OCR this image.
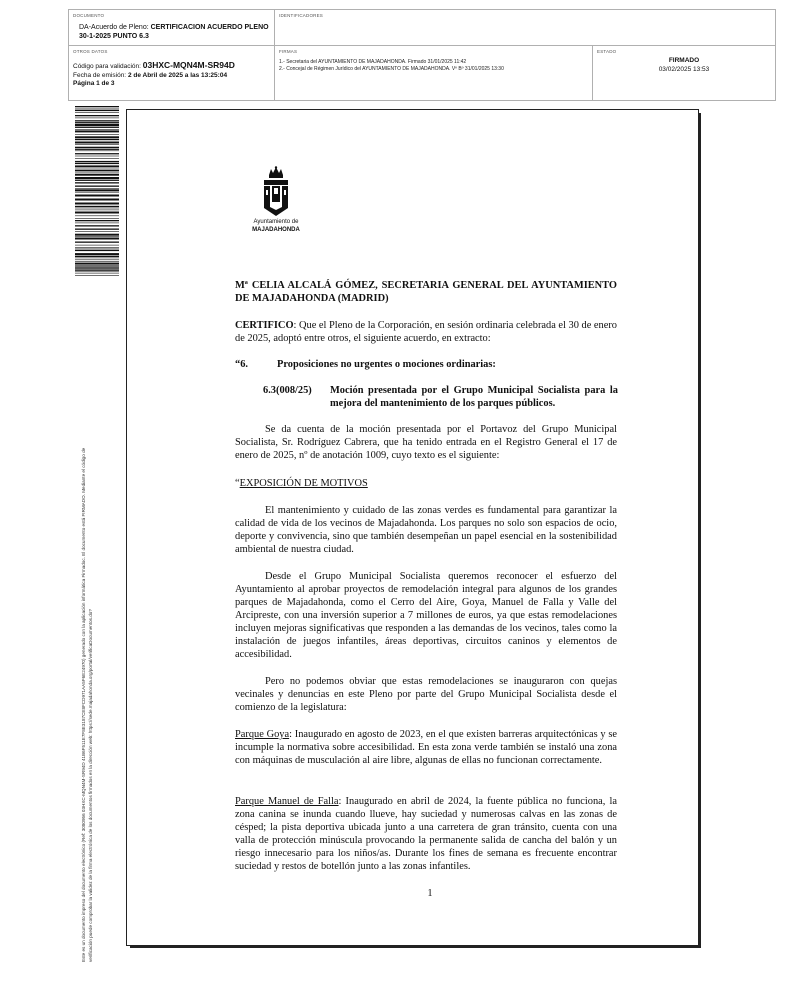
DOCUMENTO
DA-Acuerdo de Pleno: CERTIFICACION ACUERDO PLENO 30-1-2025 PUNTO 6.3
IDENTIFICADORES
OTROS DATOS
Código para validación: 03HXC-MQN4M-SR94D
Fecha de emisión: 2 de Abril de 2025 a las 13:25:04
Página 1 de 3
FIRMAS
1.- Secretaria del AYUNTAMIENTO DE MAJADAHONDA. Firmado 31/01/2025 11:42
2.- Concejal de Régimen Jurídico del AYUNTAMIENTO DE MAJADAHONDA. Vº Bº 31/01/2025 13:30
ESTADO
FIRMADO
03/02/2025 13:53
Este es un documento impreso del documento electrónico (Ref: 3080956 03HXC-MQN4M-SR94D 41B6F511E7F8E3187CE8FCD971AA5F6E24970) generado con la aplicación informática Firmadoc. El documento está FIRMADO. Mediante el código de verificación puede comprobar la validez de la firma electrónica de los documentos firmados en la dirección web: https://sede.majadahonda.org/portal/verificaDocumentos.do?
Ayuntamiento de
MAJADAHONDA
Mª CELIA ALCALÁ GÓMEZ, SECRETARIA GENERAL DEL AYUNTAMIENTO DE MAJADAHONDA (MADRID)
CERTIFICO: Que el Pleno de la Corporación, en sesión ordinaria celebrada el 30 de enero de 2025, adoptó entre otros, el siguiente acuerdo, en extracto:
“6.	Proposiciones no urgentes o mociones ordinarias:
6.3(008/25) Moción presentada por el Grupo Municipal Socialista para la mejora del mantenimiento de los parques públicos.
Se da cuenta de la moción presentada por el Portavoz del Grupo Municipal Socialista, Sr. Rodríguez Cabrera, que ha tenido entrada en el Registro General el 17 de enero de 2025, nº de anotación 1009, cuyo texto es el siguiente:
“EXPOSICIÓN DE MOTIVOS
El mantenimiento y cuidado de las zonas verdes es fundamental para garantizar la calidad de vida de los vecinos de Majadahonda. Los parques no solo son espacios de ocio, deporte y convivencia, sino que también desempeñan un papel esencial en la sostenibilidad ambiental de nuestra ciudad.
Desde el Grupo Municipal Socialista queremos reconocer el esfuerzo del Ayuntamiento al aprobar proyectos de remodelación integral para algunos de los grandes parques de Majadahonda, como el Cerro del Aire, Goya, Manuel de Falla y Valle del Arcipreste, con una inversión superior a 7 millones de euros, ya que estas remodelaciones incluyen mejoras significativas que responden a las demandas de los vecinos, tales como la instalación de juegos infantiles, áreas deportivas, circuitos caninos y elementos de accesibilidad.
Pero no podemos obviar que estas remodelaciones se inauguraron con quejas vecinales y denuncias en este Pleno por parte del Grupo Municipal Socialista desde el comienzo de la legislatura:
Parque Goya: Inaugurado en agosto de 2023, en el que existen barreras arquitectónicas y se incumple la normativa sobre accesibilidad. En esta zona verde también se instaló una zona con máquinas de musculación al aire libre, algunas de ellas no funcionan correctamente.
Parque Manuel de Falla: Inaugurado en abril de 2024, la fuente pública no funciona, la zona canina se inunda cuando llueve, hay suciedad y numerosas calvas en las zonas de césped; la pista deportiva ubicada junto a una carretera de gran tránsito, cuenta con una valla de protección minúscula provocando la permanente salida de cancha del balón y un riesgo innecesario para los niños/as. Durante los fines de semana es frecuente encontrar suciedad y restos de botellón junto a las zonas infantiles.
1
